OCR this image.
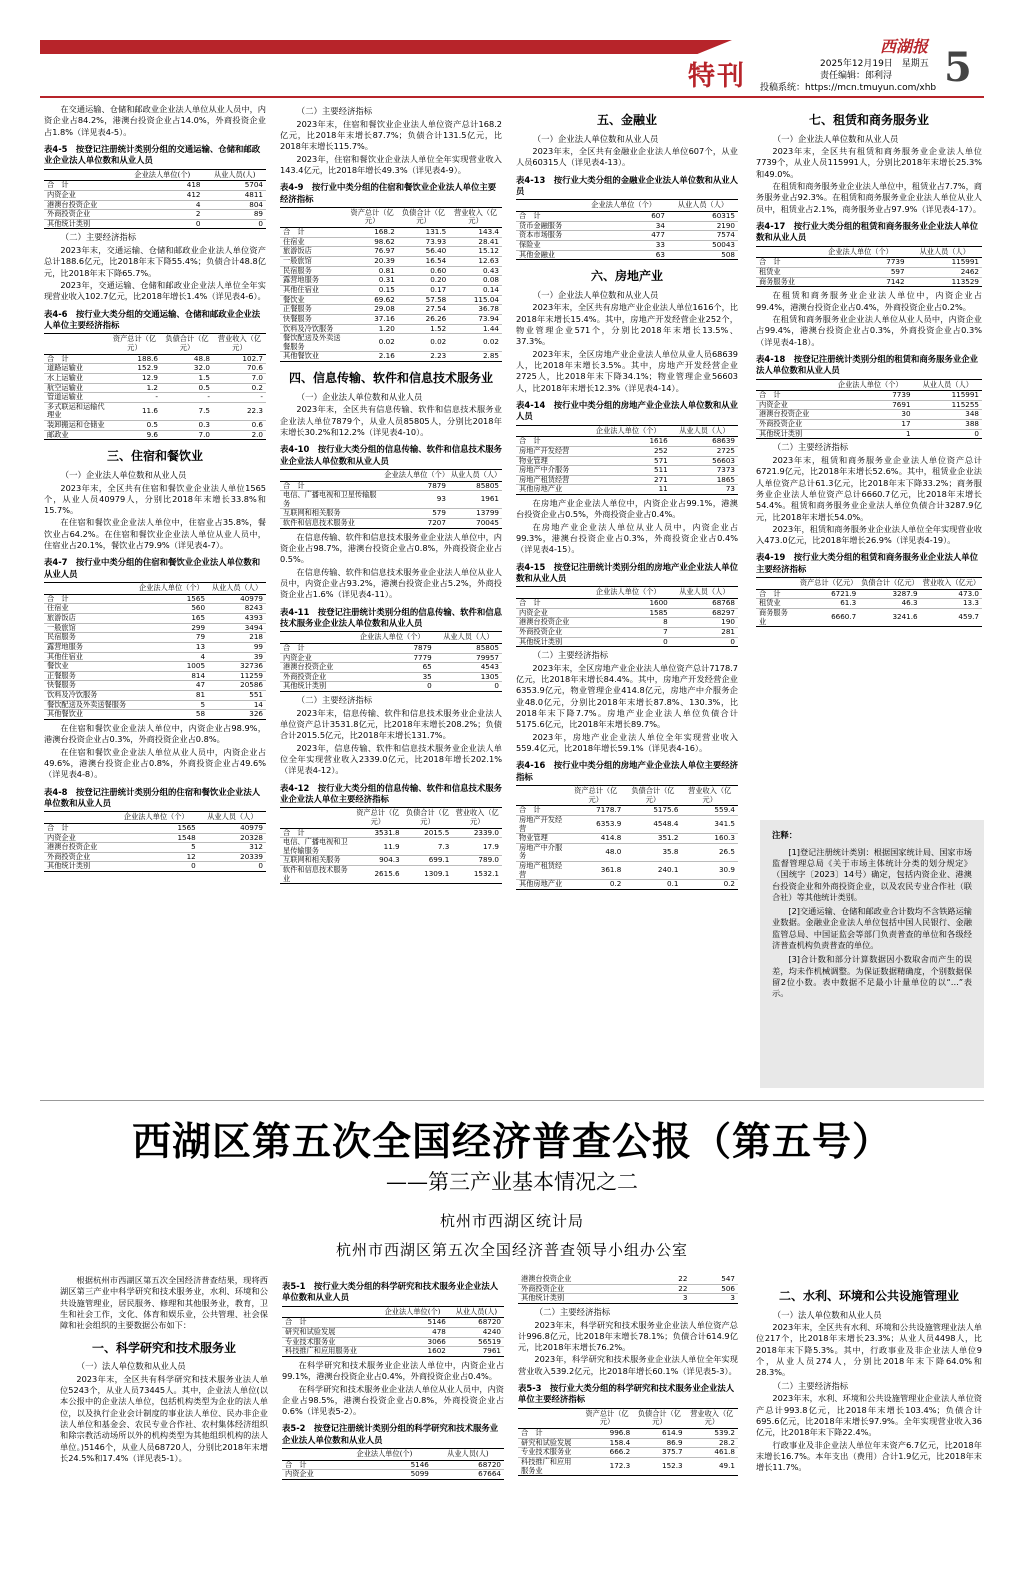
特刊
西湖报
2025年12月19日　星期五
责任编辑：郎利浔
投稿系统：https://mcn.tmuyun.com/xhb 5

在交通运输、仓储和邮政业企业法人单位从业人员中，内资企业占84.2%，港澳台投资企业占14.0%，外商投资企业占1.8%（详见表4-5）。

表4-5　按登记注册统计类别分组的交通运输、仓储和邮政业企业法人单位数和从业人员
	企业法人单位(个)	从业人员(人)
合　计	418	5704
内资企业	412	4811
港澳台投资企业	4	804
外商投资企业	2	89
其他统计类别	0	0
（二）主要经济指标

2023年末，交通运输、仓储和邮政业企业法人单位资产总计188.6亿元，比2018年末下降55.4%；负债合计48.8亿元，比2018年末下降65.7%。

2023年，交通运输、仓储和邮政业企业法人单位全年实现营业收入102.7亿元，比2018年增长1.4%（详见表4-6）。

表4-6　按行业大类分组的交通运输、仓储和邮政业企业法人单位主要经济指标
	资产总计（亿元）	负债合计（亿元）	营业收入（亿元）
合　计	188.6	48.8	102.7
道路运输业	152.9	32.0	70.6
水上运输业	12.9	1.5	7.0
航空运输业	1.2	0.5	0.2
管道运输业	-	-	-
多式联运和运输代理业	11.6	7.5	22.3
装卸搬运和仓储业	0.5	0.3	0.6
邮政业	9.6	7.0	2.0
三、住宿和餐饮业
（一）企业法人单位数和从业人员

2023年末，全区共有住宿和餐饮业企业法人单位1565个，从业人员40979人，分别比2018年末增长33.8%和15.7%。

在住宿和餐饮业企业法人单位中，住宿业占35.8%，餐饮业占64.2%。在住宿和餐饮业企业法人单位从业人员中，住宿业占20.1%，餐饮业占79.9%（详见表4-7）。

表4-7　按行业中类分组的住宿和餐饮业企业法人单位数和从业人员
	企业法人单位（个）	从业人员（人）
合　计	1565	40979
住宿业	560	8243
旅游饭店	165	4393
一般旅馆	299	3494
民宿服务	79	218
露营地服务	13	99
其他住宿业	4	39
餐饮业	1005	32736
正餐服务	814	11259
快餐服务	47	20586
饮料及冷饮服务	81	551
餐饮配送及外卖送餐服务	5	14
其他餐饮业	58	326

在住宿和餐饮业企业法人单位中，内资企业占98.9%，港澳台投资企业占0.3%，外商投资企业占0.8%。

在住宿和餐饮业企业法人单位从业人员中，内资企业占49.6%，港澳台投资企业占0.8%，外商投资企业占49.6%（详见表4-8）。

表4-8　按登记注册统计类别分组的住宿和餐饮业企业法人单位数和从业人员
	企业法人单位（个）	从业人员（人）
合　计	1565	40979
内资企业	1548	20328
港澳台投资企业	5	312
外商投资企业	12	20339
其他统计类别	0	0
（二）主要经济指标

2023年末，住宿和餐饮业企业法人单位资产总计168.2亿元，比2018年末增长87.7%；负债合计131.5亿元，比2018年末增长115.7%。

2023年，住宿和餐饮业企业法人单位全年实现营业收入143.4亿元，比2018年增长49.3%（详见表4-9）。

表4-9　按行业中类分组的住宿和餐饮业企业法人单位主要经济指标
	资产总计（亿元）	负债合计（亿元）	营业收入（亿元）
合　计	168.2	131.5	143.4
住宿业	98.62	73.93	28.41
旅游饭店	76.97	56.40	15.12
一般旅馆	20.39	16.54	12.63
民宿服务	0.81	0.60	0.43
露营地服务	0.31	0.20	0.08
其他住宿业	0.15	0.17	0.14
餐饮业	69.62	57.58	115.04
正餐服务	29.08	27.54	36.78
快餐服务	37.16	26.26	73.94
饮料及冷饮服务	1.20	1.52	1.44
餐饮配送及外卖送餐服务	0.02	0.02	0.02
其他餐饮业	2.16	2.23	2.85
四、信息传输、软件和信息技术服务业
（一）企业法人单位数和从业人员

2023年末，全区共有信息传输、软件和信息技术服务业企业法人单位7879个，从业人员85805人，分别比2018年末增长30.2%和12.2%（详见表4-10）。

表4-10　按行业大类分组的信息传输、软件和信息技术服务业企业法人单位数和从业人员
	企业法人单位（个）	从业人员（人）
合　计	7879	85805
电信、广播电视和卫星传输服务	93	1961
互联网和相关服务	579	13799
软件和信息技术服务业	7207	70045

在信息传输、软件和信息技术服务业企业法人单位中，内资企业占98.7%，港澳台投资企业占0.8%，外商投资企业占0.5%。

在信息传输、软件和信息技术服务业企业法人单位从业人员中，内资企业占93.2%，港澳台投资企业占5.2%，外商投资企业占1.6%（详见表4-11）。

表4-11　按登记注册统计类别分组的信息传输、软件和信息技术服务业企业法人单位数和从业人员
	企业法人单位（个）	从业人员（人）
合　计	7879	85805
内资企业	7779	79957
港澳台投资企业	65	4543
外商投资企业	35	1305
其他统计类别	0	0
（二）主要经济指标

2023年末，信息传输、软件和信息技术服务业企业法人单位资产总计3531.8亿元，比2018年末增长208.2%；负债合计2015.5亿元，比2018年末增长131.7%。

2023年，信息传输、软件和信息技术服务业企业法人单位全年实现营业收入2339.0亿元，比2018年增长202.1%（详见表4-12）。

表4-12　按行业大类分组的信息传输、软件和信息技术服务业企业法人单位主要经济指标
	资产总计（亿元）	负债合计（亿元）	营业收入（亿元）
合　计	3531.8	2015.5	2339.0
电信、广播电视和卫星传输服务	11.9	7.3	17.9
互联网和相关服务	904.3	699.1	789.0
软件和信息技术服务业	2615.6	1309.1	1532.1
五、金融业
（一）企业法人单位数和从业人员

2023年末，全区共有金融业企业法人单位607个，从业人员60315人（详见表4-13）。

表4-13　按行业大类分组的金融业企业法人单位数和从业人员
	企业法人单位（个）	从业人员（人）
合　计	607	60315
货币金融服务	34	2190
资本市场服务	477	7574
保险业	33	50043
其他金融业	63	508
六、房地产业
（一）企业法人单位数和从业人员

2023年末，全区共有房地产业企业法人单位1616个，比2018年末增长15.4%。其中，房地产开发经营企业252个，物业管理企业571个，分别比2018年末增长13.5%、37.3%。

2023年末，全区房地产业企业法人单位从业人员68639人，比2018年末增长3.5%。其中，房地产开发经营企业2725人，比2018年末下降34.1%；物业管理企业56603人，比2018年末增长12.3%（详见表4-14）。

表4-14　按行业中类分组的房地产业企业法人单位数和从业人员
	企业法人单位（个）	从业人员（人）
合　计	1616	68639
房地产开发经营	252	2725
物业管理	571	56603
房地产中介服务	511	7373
房地产租赁经营	271	1865
其他房地产业	11	73

在房地产业企业法人单位中，内资企业占99.1%，港澳台投资企业占0.5%，外商投资企业占0.4%。

在房地产业企业法人单位从业人员中，内资企业占99.3%，港澳台投资企业占0.3%，外商投资企业占0.4%（详见表4-15）。

表4-15　按登记注册统计类别分组的房地产业企业法人单位数和从业人员
	企业法人单位（个）	从业人员（人）
合　计	1600	68768
内资企业	1585	68297
港澳台投资企业	8	190
外商投资企业	7	281
其他统计类别	0	0
（二）主要经济指标

2023年末，全区房地产业企业法人单位资产总计7178.7亿元，比2018年末增长84.4%。其中，房地产开发经营企业6353.9亿元，物业管理企业414.8亿元，房地产中介服务企业48.0亿元，分别比2018年末增长87.8%、130.3%，比2018年末下降7.7%。房地产业企业法人单位负债合计5175.6亿元，比2018年末增长89.7%。

2023年，房地产业企业法人单位全年实现营业收入559.4亿元，比2018年增长59.1%（详见表4-16）。

表4-16　按行业中类分组的房地产业企业法人单位主要经济指标
	资产总计（亿元）	负债合计（亿元）	营业收入（亿元）
合　计	7178.7	5175.6	559.4
房地产开发经营	6353.9	4548.4	341.5
物业管理	414.8	351.2	160.3
房地产中介服务	48.0	35.8	26.5
房地产租赁经营	361.8	240.1	30.9
其他房地产业	0.2	0.1	0.2
七、租赁和商务服务业
（一）企业法人单位数和从业人员

2023年末，全区共有租赁和商务服务业企业法人单位7739个，从业人员115991人，分别比2018年末增长25.3%和49.0%。

在租赁和商务服务业企业法人单位中，租赁业占7.7%，商务服务业占92.3%。在租赁和商务服务业企业法人单位从业人员中，租赁业占2.1%，商务服务业占97.9%（详见表4-17）。

表4-17　按行业大类分组的租赁和商务服务业企业法人单位数和从业人员
	企业法人单位（个）	从业人员（人）
合　计	7739	115991
租赁业	597	2462
商务服务业	7142	113529

在租赁和商务服务业企业法人单位中，内资企业占99.4%，港澳台投资企业占0.4%，外商投资企业占0.2%。

在租赁和商务服务业企业法人单位从业人员中，内资企业占99.4%，港澳台投资企业占0.3%，外商投资企业占0.3%（详见表4-18）。

表4-18　按登记注册统计类别分组的租赁和商务服务业企业法人单位数和从业人员
	企业法人单位（个）	从业人员（人）
合　计	7739	115991
内资企业	7691	115255
港澳台投资企业	30	348
外商投资企业	17	388
其他统计类别	1	0
（二）主要经济指标

2023年末，租赁和商务服务业企业法人单位资产总计6721.9亿元，比2018年末增长52.6%。其中，租赁业企业法人单位资产总计61.3亿元，比2018年末下降33.2%；商务服务业企业法人单位资产总计6660.7亿元，比2018年末增长54.4%。租赁和商务服务业企业法人单位负债合计3287.9亿元，比2018年末增长54.0%。

2023年，租赁和商务服务业企业法人单位全年实现营业收入473.0亿元，比2018年增长26.9%（详见表4-19）。

表4-19　按行业大类分组的租赁和商务服务业企业法人单位主要经济指标
	资产总计（亿元）	负债合计（亿元）	营业收入（亿元）
合　计	6721.9	3287.9	473.0
租赁业	61.3	46.3	13.3
商务服务业	6660.7	3241.6	459.7
注释：

[1]登记注册统计类别：根据国家统计局、国家市场监督管理总局《关于市场主体统计分类的划分规定》（国统字〔2023〕14号）确定，包括内资企业、港澳台投资企业和外商投资企业，以及农民专业合作社（联合社）等其他统计类别。

[2]交通运输、仓储和邮政业合计数均不含铁路运输业数据。金融业企业法人单位包括中国人民银行、金融监管总局、中国证监会等部门负责普查的单位和各级经济普查机构负责普查的单位。

[3]合计数和部分计算数据因小数取舍而产生的误差，均未作机械调整。为保证数据精确度，个别数据保留2位小数。表中数据不足最小计量单位的以“…”表示。

西湖区第五次全国经济普查公报（第五号）
——第三产业基本情况之二
杭州市西湖区统计局
杭州市西湖区第五次全国经济普查领导小组办公室

根据杭州市西湖区第五次全国经济普查结果，现将西湖区第三产业中科学研究和技术服务业，水利、环境和公共设施管理业，居民服务、修理和其他服务业，教育，卫生和社会工作，文化、体育和娱乐业，公共管理、社会保障和社会组织的主要数据公布如下：

一、科学研究和技术服务业
（一）法人单位数和从业人员

2023年末，全区共有科学研究和技术服务业法人单位5243个，从业人员73445人。其中，企业法人单位(以本公报中的企业法人单位，包括机构类型为企业的法人单位，以及执行企业会计制度的事业法人单位、民办非企业法人单位和基金会、农民专业合作社、农村集体经济组织和除宗教活动场所以外的机构类型为其他组织机构的法人单位。)5146个，从业人员68720人，分别比2018年末增长24.5%和17.4%（详见表5-1）。

表5-1　按行业大类分组的科学研究和技术服务业企业法人单位数和从业人员
	企业法人单位(个)	从业人员(人)
合　计	5146	68720
研究和试验发展	478	4240
专业技术服务业	3066	56519
科技推广和应用服务业	1602	7961

在科学研究和技术服务业企业法人单位中，内资企业占99.1%，港澳台投资企业占0.4%，外商投资企业占0.4%。

在科学研究和技术服务业企业法人单位从业人员中，内资企业占98.5%，港澳台投资企业占0.8%，外商投资企业占0.6%（详见表5-2）。

表5-2　按登记注册统计类别分组的科学研究和技术服务业企业法人单位数和从业人员
	企业法人单位(个)	从业人员(人)
合　计	5146	68720
内资企业	5099	67664
港澳台投资企业	22	547
外商投资企业	22	506
其他统计类别	3	3
（二）主要经济指标

2023年末，科学研究和技术服务业企业法人单位资产总计996.8亿元，比2018年末增长78.1%；负债合计614.9亿元，比2018年末增长76.2%。

2023年，科学研究和技术服务业企业法人单位全年实现营业收入539.2亿元，比2018年增长60.1%（详见表5-3）。

表5-3　按行业大类分组的科学研究和技术服务业企业法人单位主要经济指标
	资产总计（亿元）	负债合计（亿元）	营业收入（亿元）
合　计	996.8	614.9	539.2
研究和试验发展	158.4	86.9	28.2
专业技术服务业	666.2	375.7	461.8
科技推广和应用服务业	172.3	152.3	49.1
二、水利、环境和公共设施管理业
（一）法人单位数和从业人员

2023年末，全区共有水利、环境和公共设施管理业法人单位217个，比2018年末增长23.3%；从业人员4498人，比2018年末下降5.3%。其中，行政事业及非企业法人单位9个，从业人员274人，分别比2018年末下降64.0%和28.3%。

（二）主要经济指标

2023年末，水利、环境和公共设施管理业企业法人单位资产总计993.8亿元，比2018年末增长103.4%；负债合计695.6亿元，比2018年末增长97.9%。全年实现营业收入36亿元，比2018年末下降22.4%。

行政事业及非企业法人单位年末资产6.7亿元，比2018年末增长16.7%。本年支出（费用）合计1.9亿元，比2018年末增长11.7%。
